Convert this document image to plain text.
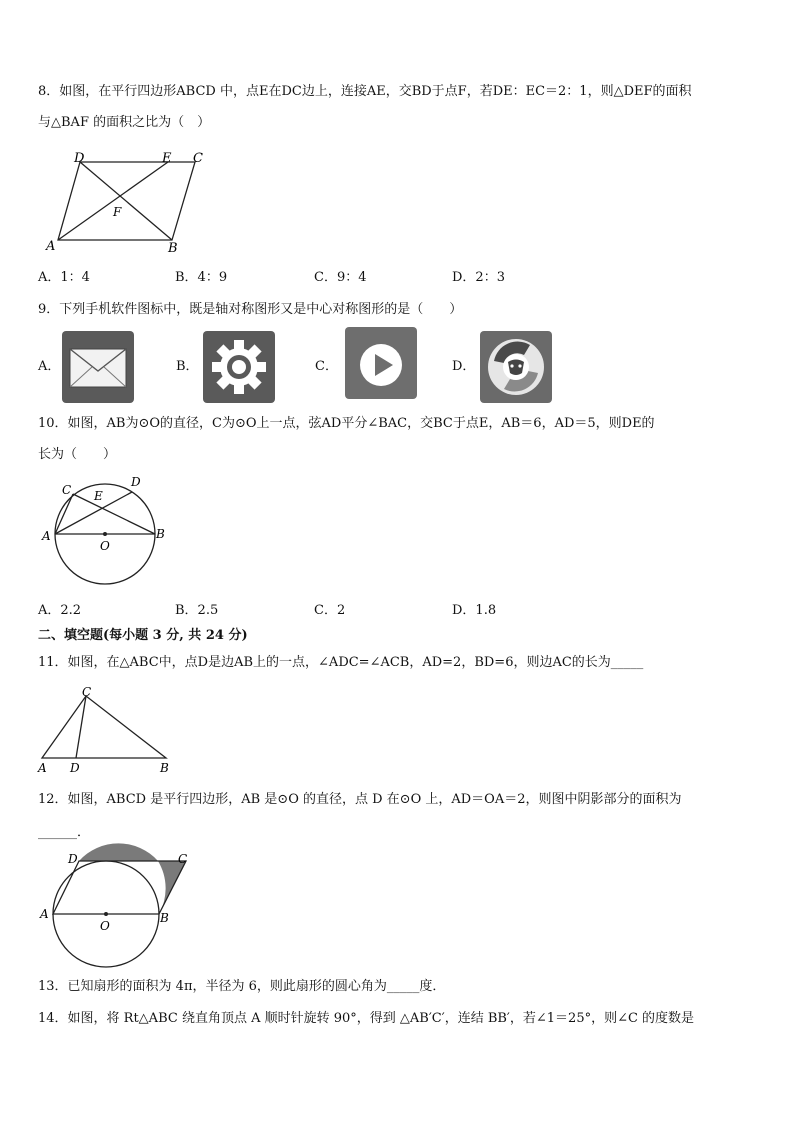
8．如图，在平行四边形ABCD 中，点E在DC边上，连接AE，交BD于点F，若DE：EC＝2：1，则△DEF的面积
与△BAF 的面积之比为（　）
D	E C
F
A	B
A．1：4	B．4：9	C．9：4	D．2：3
9．下列手机软件图标中，既是轴对称图形又是中心对称图形的是（　　）
A．	B．	C．	D．
10．如图，AB为⊙O的直径，C为⊙O上一点，弦AD平分∠BAC，交BC于点E，AB＝6，AD＝5，则DE的
长为（　　）
C
D
E
A
O
B
A．2.2	B．2.5	C．2	D．1.8
二、填空题(每小题 3 分, 共 24 分)
11．如图，在△ABC中，点D是边AB上的一点，∠ADC=∠ACB，AD=2，BD=6，则边AC的长为_____
C
A D	B
12．如图，ABCD 是平行四边形，AB 是⊙O 的直径，点 D 在⊙O 上，AD＝OA＝2，则图中阴影部分的面积为
______．
D	C
A
O
B
13．已知扇形的面积为 4π，半径为 6，则此扇形的圆心角为_____度．
14．如图，将 Rt△ABC 绕直角顶点 A 顺时针旋转 90°，得到 △AB′C′，连结 BB′，若∠1＝25°，则∠C 的度数是
